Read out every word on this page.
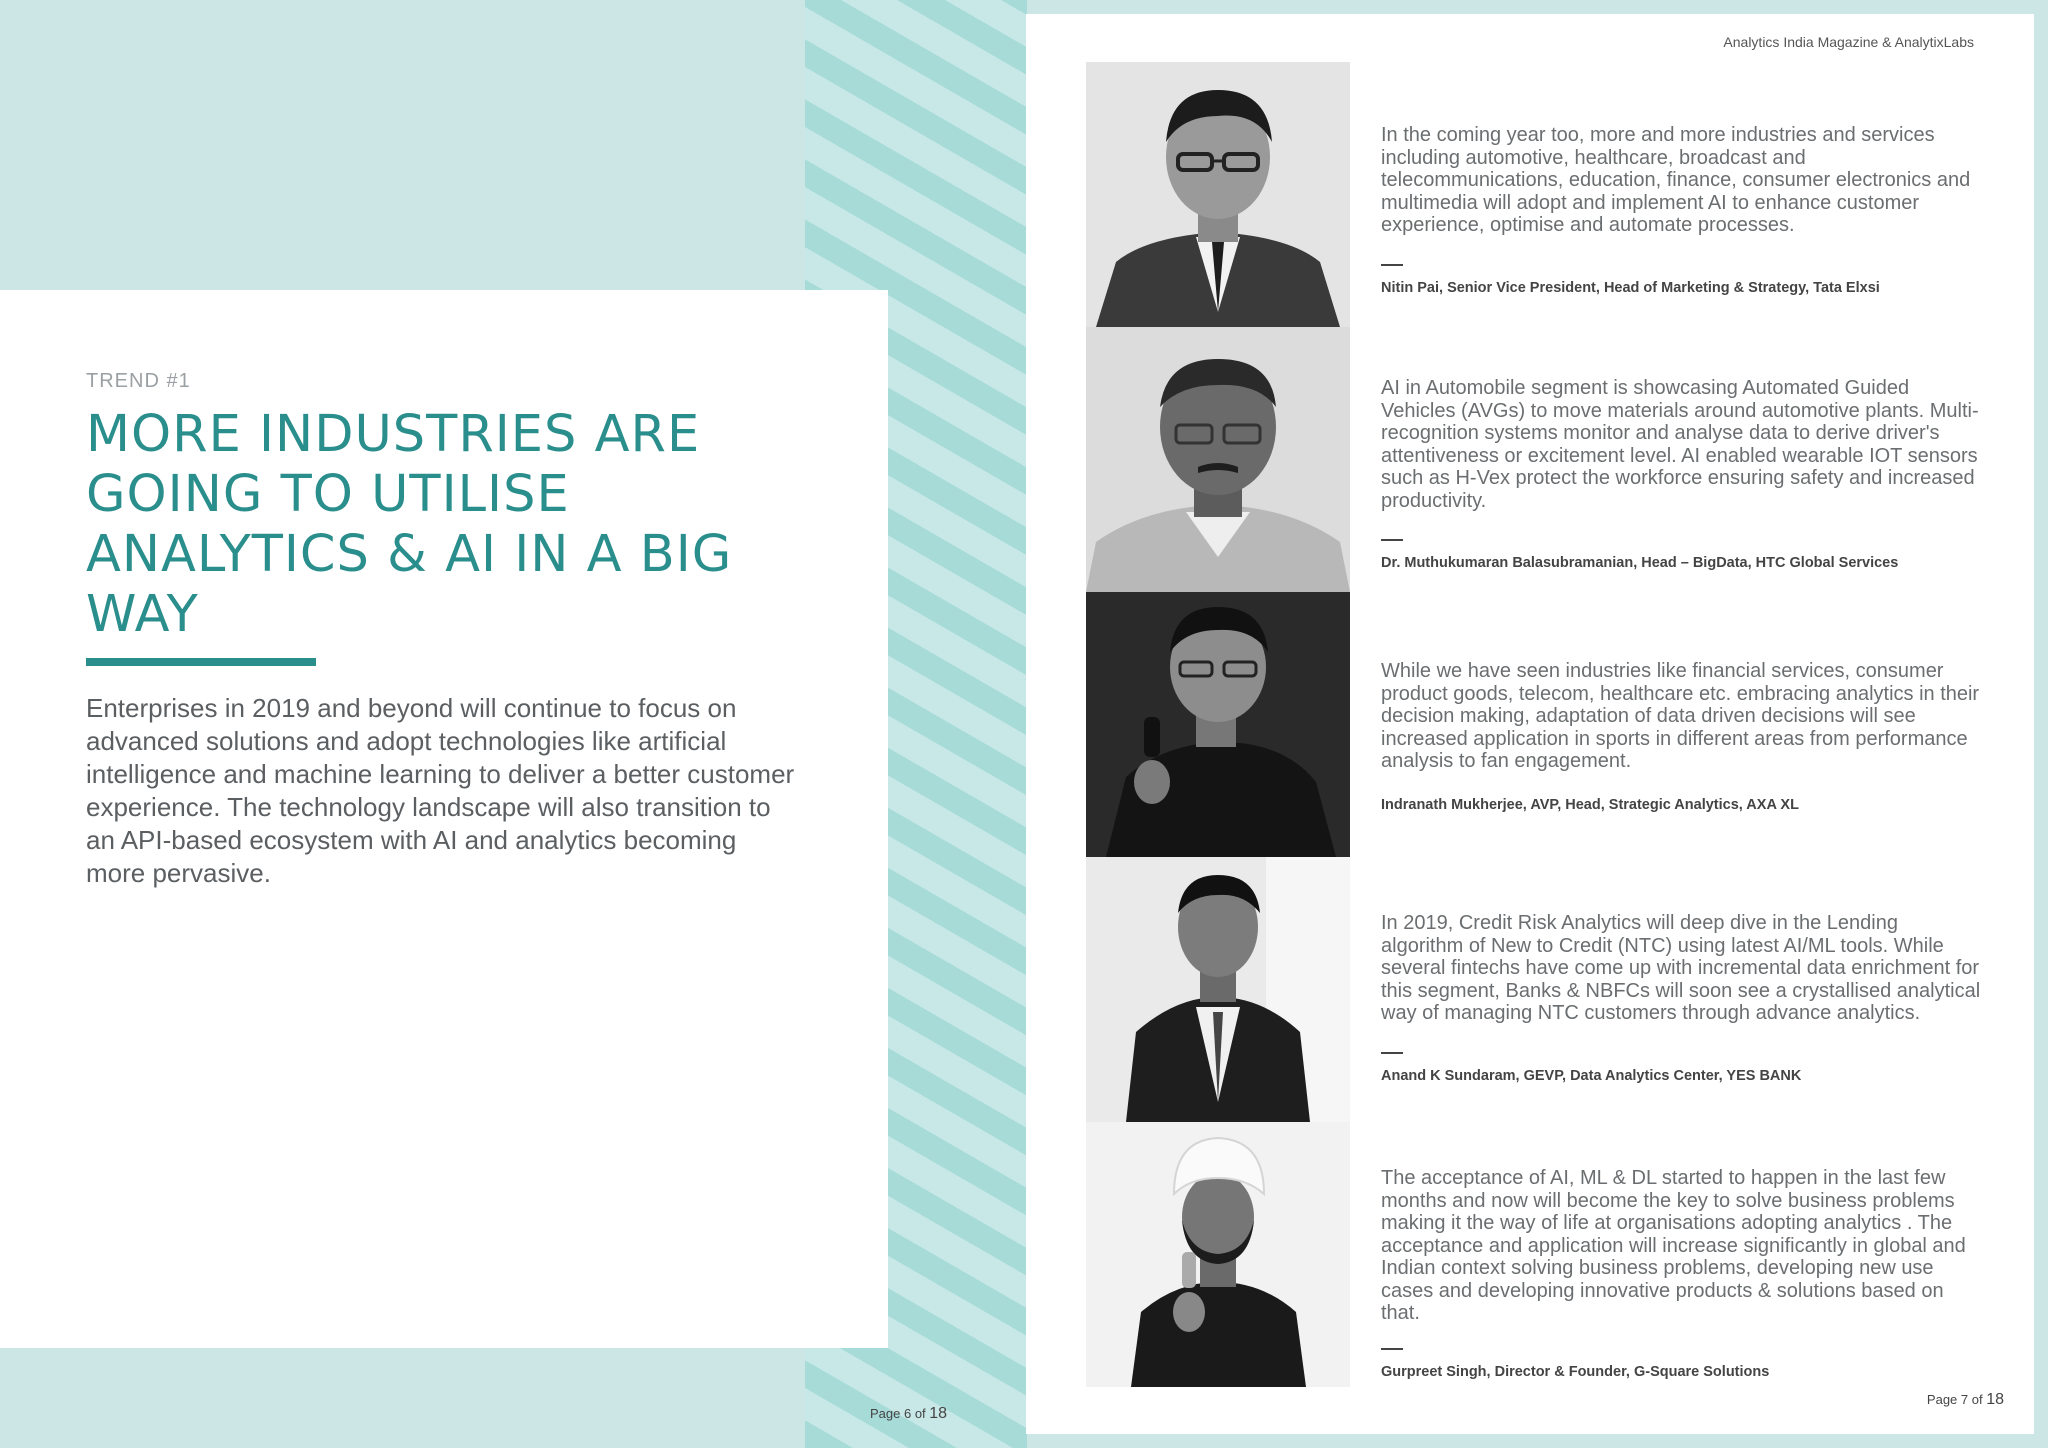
TREND #1
MORE INDUSTRIES ARE GOING TO UTILISE ANALYTICS & AI IN A BIG WAY

Enterprises in 2019 and beyond will continue to focus on advanced solutions and adopt technologies like artificial intelligence and machine learning to deliver a better customer experience. The technology landscape will also transition to an API-based ecosystem with AI and analytics becoming more pervasive.

Page 6 of 18
Analytics India Magazine & AnalytixLabs
In the coming year too, more and more industries and services including automotive, healthcare, broadcast and telecommunications, education, finance, consumer electronics and multimedia will adopt and implement AI to enhance customer experience, optimise and automate processes.
Nitin Pai, Senior Vice President, Head of Marketing & Strategy, Tata Elxsi
AI in Automobile segment is showcasing Automated Guided Vehicles (AVGs) to move materials around automotive plants. Multi-recognition systems monitor and analyse data to derive driver's attentiveness or excitement level. AI enabled wearable IOT sensors such as H-Vex protect the workforce ensuring safety and increased productivity.
Dr. Muthukumaran Balasubramanian, Head – BigData, HTC Global Services
While we have seen industries like financial services, consumer product goods, telecom, healthcare etc. embracing analytics in their decision making, adaptation of data driven decisions will see increased application in sports in different areas from performance analysis to fan engagement.
Indranath Mukherjee, AVP, Head, Strategic Analytics, AXA XL
In 2019, Credit Risk Analytics will deep dive in the Lending algorithm of New to Credit (NTC) using latest AI/ML tools. While several fintechs have come up with incremental data enrichment for this segment, Banks & NBFCs will soon see a crystallised analytical way of managing NTC customers through advance analytics.
Anand K Sundaram, GEVP, Data Analytics Center, YES BANK
The acceptance of AI, ML & DL started to happen in the last few months and now will become the key to solve business problems making it the way of life at organisations adopting analytics . The acceptance and application will increase significantly in global and Indian context solving business problems, developing new use cases and developing innovative products & solutions based on that.
Gurpreet Singh, Director & Founder, G-Square Solutions
Page 7 of 18
